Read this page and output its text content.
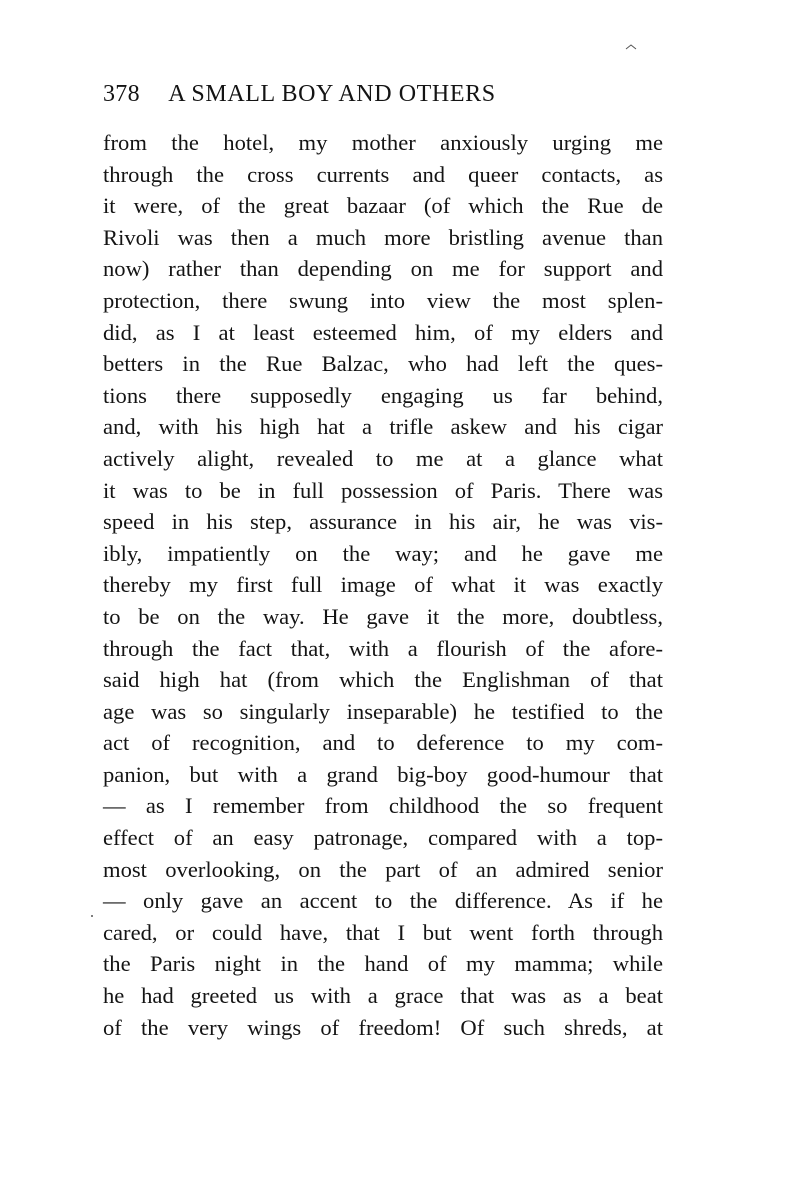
378 A SMALL BOY AND OTHERS
from the hotel, my mother anxiously urging me
through the cross currents and queer contacts, as
it were, of the great bazaar (of which the Rue de
Rivoli was then a much more bristling avenue than
now) rather than depending on me for support and
protection, there swung into view the most splen-
did, as I at least esteemed him, of my elders and
betters in the Rue Balzac, who had left the ques-
tions there supposedly engaging us far behind,
and, with his high hat a trifle askew and his cigar
actively alight, revealed to me at a glance what
it was to be in full possession of Paris. There was
speed in his step, assurance in his air, he was vis-
ibly, impatiently on the way; and he gave me
thereby my first full image of what it was exactly
to be on the way. He gave it the more, doubtless,
through the fact that, with a flourish of the afore-
said high hat (from which the Englishman of that
age was so singularly inseparable) he testified to the
act of recognition, and to deference to my com-
panion, but with a grand big-boy good-humour that
— as I remember from childhood the so frequent
effect of an easy patronage, compared with a top-
most overlooking, on the part of an admired senior
— only gave an accent to the difference. As if he
cared, or could have, that I but went forth through
the Paris night in the hand of my mamma; while
he had greeted us with a grace that was as a beat
of the very wings of freedom! Of such shreds, at
